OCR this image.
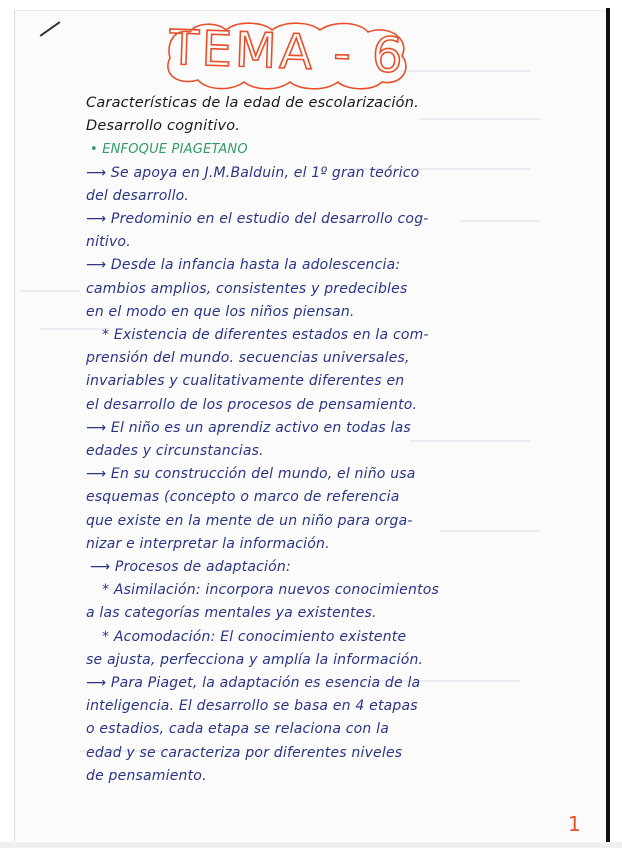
TEMA - 6
Características de la edad de escolarización.
Desarrollo cognitivo.
• ENFOQUE PIAGETANO
⟶ Se apoya en J.M.Balduin, el 1º gran teórico
del desarrollo.
⟶ Predominio en el estudio del desarrollo cog-
nitivo.
⟶ Desde la infancia hasta la adolescencia:
cambios amplios, consistentes y predecibles
en el modo en que los niños piensan.
* Existencia de diferentes estados en la com-
prensión del mundo. secuencias universales,
invariables y cualitativamente diferentes en
el desarrollo de los procesos de pensamiento.
⟶ El niño es un aprendiz activo en todas las
edades y circunstancias.
⟶ En su construcción del mundo, el niño usa
esquemas (concepto o marco de referencia
que existe en la mente de un niño para orga-
nizar e interpretar la información.
⟶ Procesos de adaptación:
* Asimilación: incorpora nuevos conocimientos
a las categorías mentales ya existentes.
* Acomodación: El conocimiento existente
se ajusta, perfecciona y amplía la información.
⟶ Para Piaget, la adaptación es esencia de la
inteligencia. El desarrollo se basa en 4 etapas
o estadios, cada etapa se relaciona con la
edad y se caracteriza por diferentes niveles
de pensamiento.
1
